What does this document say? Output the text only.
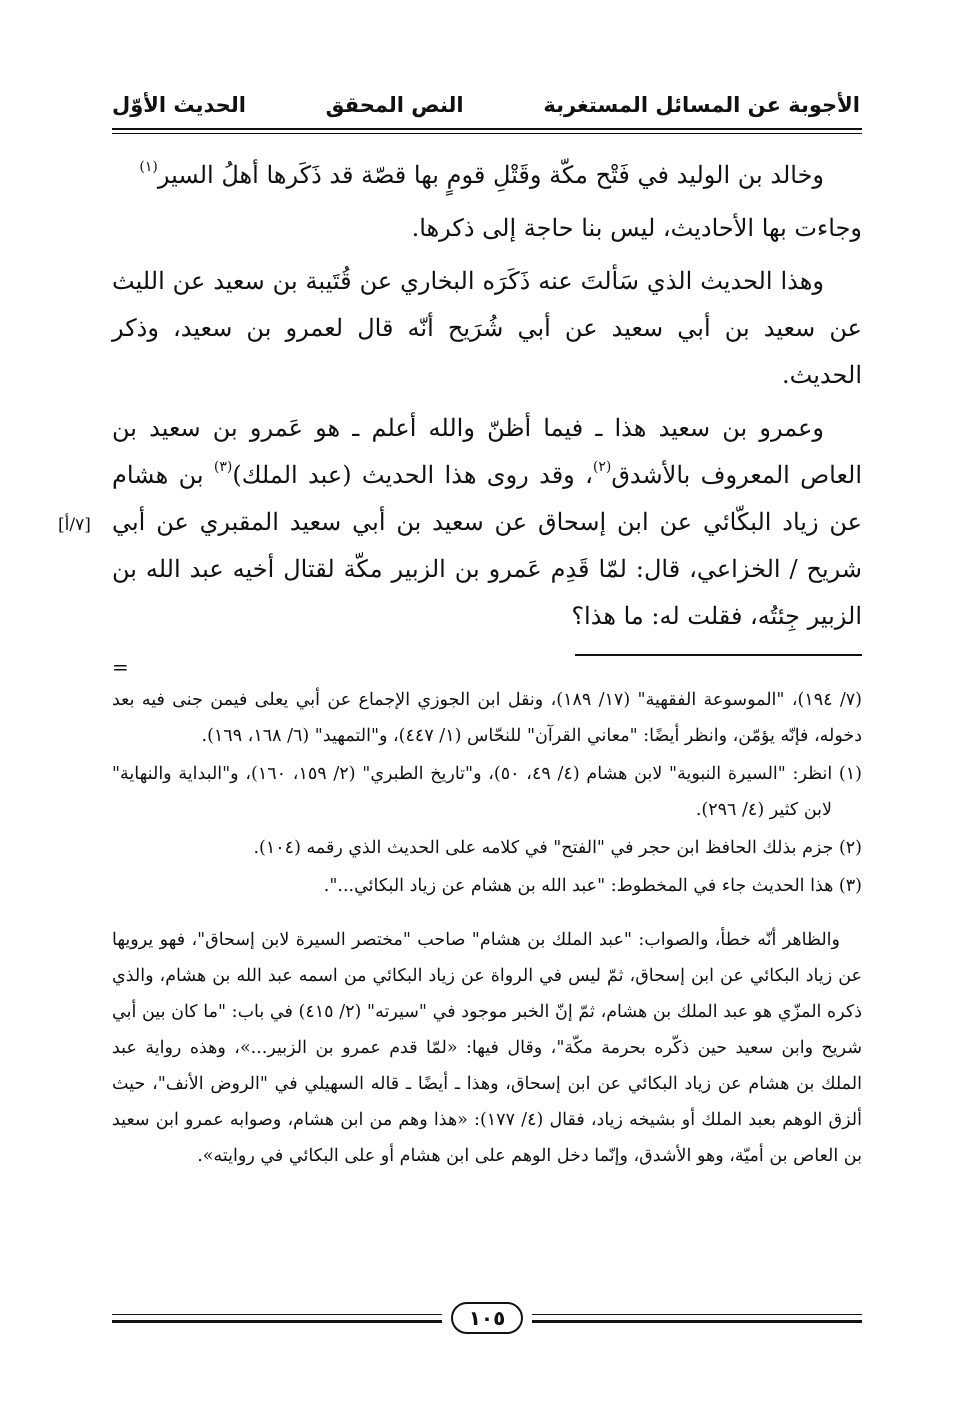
الأجوبة عن المسائل المستغربة
النص المحقق
الحديث الأوّل

وخالد بن الوليد في فَتْح مكّة وقَتْلِ قومٍ بها قصّة قد ذَكَرها أهلُ السير$^{(١)}$

وجاءت بها الأحاديث، ليس بنا حاجة إلى ذكرها.

وهذا الحديث الذي سَألتَ عنه ذَكَرَه البخاري عن قُتَيبة بن سعيد عن الليث عن سعيد بن أبي سعيد عن أبي شُرَيح أنّه قال لعمرو بن سعيد، وذكر الحديث.

وعمرو بن سعيد هذا ـ فيما أظنّ والله أعلم ـ هو عَمرو بن سعيد بن العاص المعروف بالأشدق$^{(٢)}$، وقد روى هذا الحديث (عبد الملك)$^{(٣)}$ بن هشام عن زياد البكّائي عن ابن إسحاق عن سعيد بن أبي سعيد المقبري عن أبي شريح / الخزاعي، قال: لمّا قَدِم عَمرو بن الزبير مكّة لقتال أخيه عبد الله بن الزبير جِئتُه، فقلت له: ما هذا؟

[٧/أ]
=

(٧/ ١٩٤)، "الموسوعة الفقهية" (١٧/ ١٨٩)، ونقل ابن الجوزي الإجماع عن أبي يعلى فيمن جنى فيه بعد دخوله، فإنّه يؤمّن، وانظر أيضًا: "معاني القرآن" للنحّاس (١/ ٤٤٧)، و"التمهيد" (٦/ ١٦٨، ١٦٩).

(١) انظر: "السيرة النبوية" لابن هشام (٤/ ٤٩، ٥٠)، و"تاريخ الطبري" (٢/ ١٥٩، ١٦٠)، و"البداية والنهاية" لابن كثير (٤/ ٢٩٦).

(٢) جزم بذلك الحافظ ابن حجر في "الفتح" في كلامه على الحديث الذي رقمه (١٠٤).

(٣) هذا الحديث جاء في المخطوط: "عبد الله بن هشام عن زياد البكائي...".

والظاهر أنّه خطأ، والصواب: "عبد الملك بن هشام" صاحب "مختصر السيرة لابن إسحاق"، فهو يرويها عن زياد البكائي عن ابن إسحاق، ثمّ ليس في الرواة عن زياد البكائي من اسمه عبد الله بن هشام، والذي ذكره المزّي هو عبد الملك بن هشام، ثمّ إنّ الخبر موجود في "سيرته" (٢/ ٤١٥) في باب: "ما كان بين أبي شريح وابن سعيد حين ذكّره بحرمة مكّة"، وقال فيها: «لمّا قدم عمرو بن الزبير...»، وهذه رواية عبد الملك بن هشام عن زياد البكائي عن ابن إسحاق، وهذا ـ أيضًا ـ قاله السهيلي في "الروض الأنف"، حيث ألزق الوهم بعبد الملك أو بشيخه زياد، فقال (٤/ ١٧٧): «هذا وهم من ابن هشام، وصوابه عمرو ابن سعيد بن العاص بن أميّة، وهو الأشدق، وإنّما دخل الوهم على ابن هشام أو على البكائي في روايته».

١٠٥
